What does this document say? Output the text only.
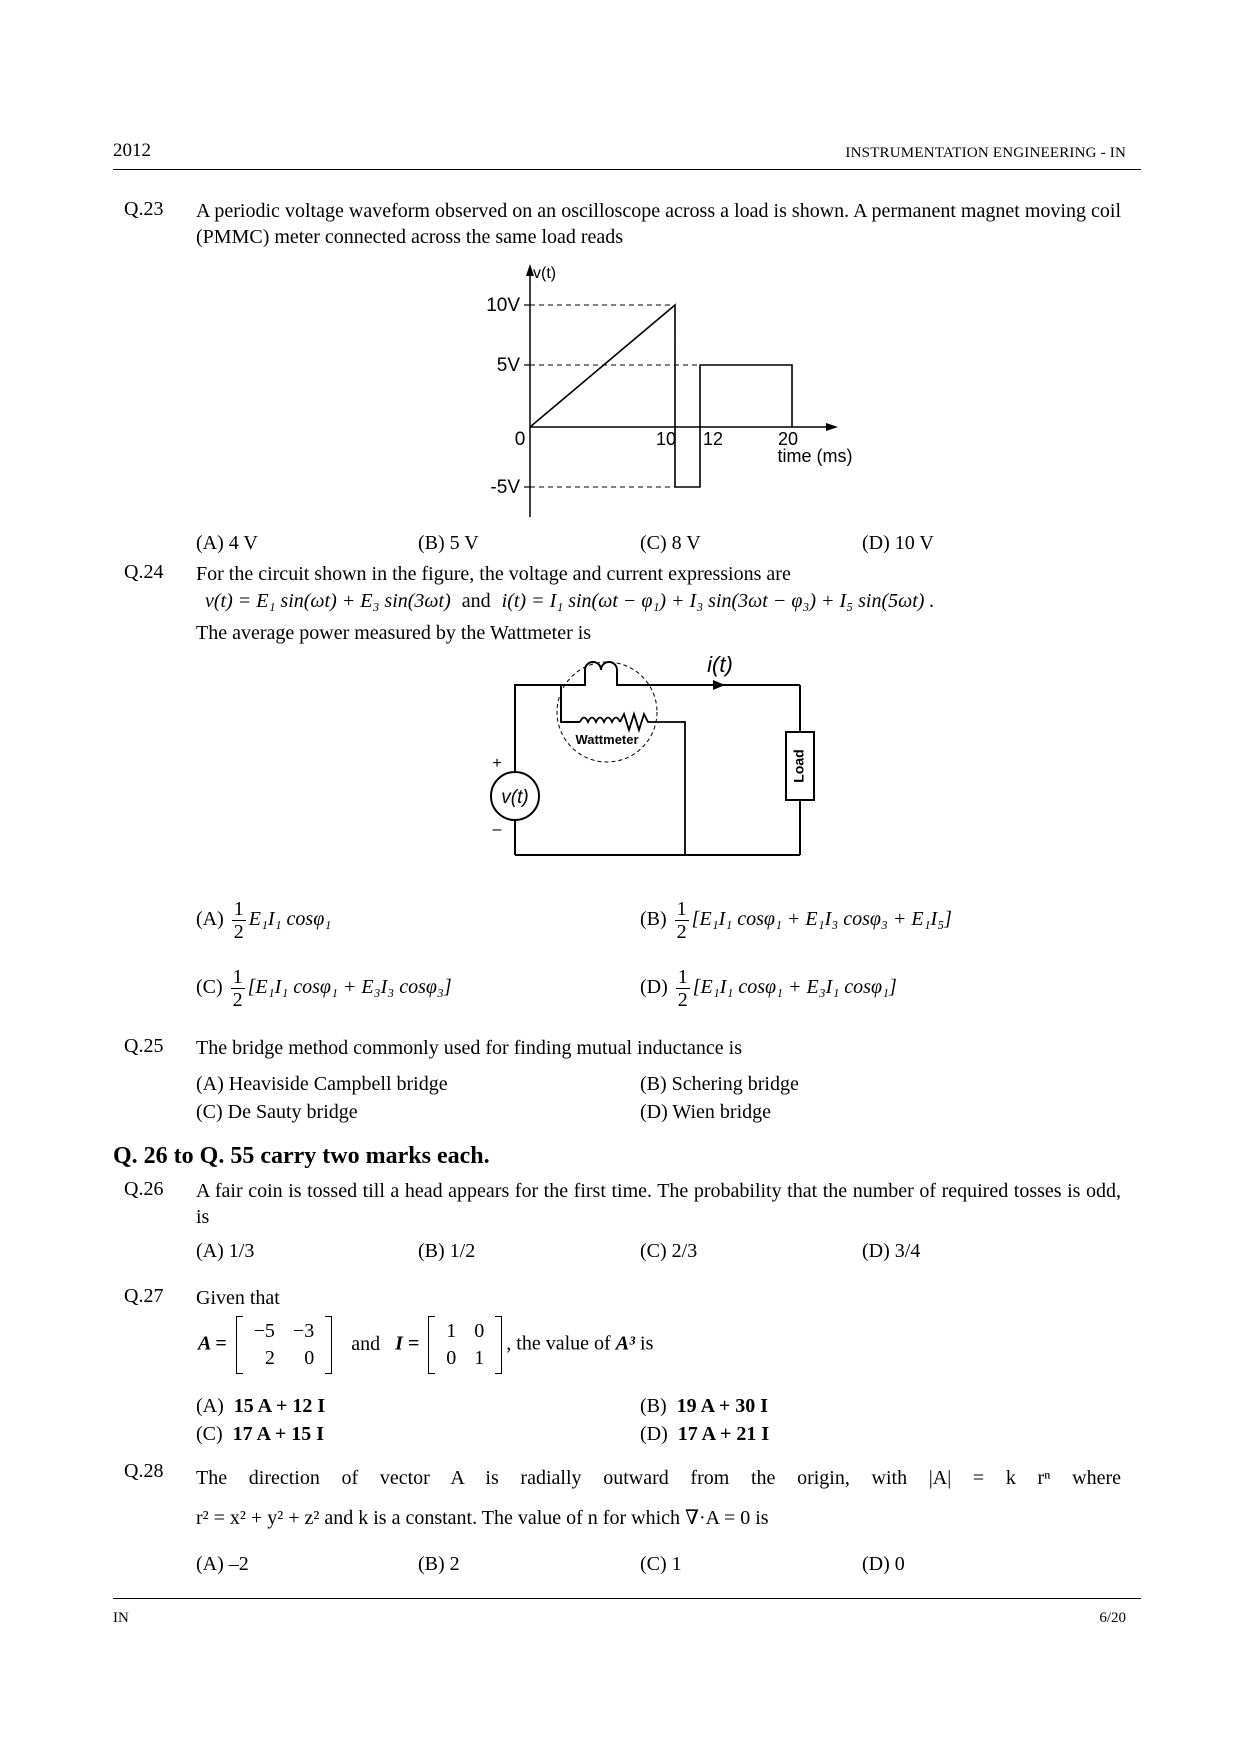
2012	INSTRUMENTATION ENGINEERING - IN
Q.23 A periodic voltage waveform observed on an oscilloscope across a load is shown. A permanent magnet moving coil (PMMC) meter connected across the same load reads
v(t)
10V
5V
0
-5V
10 12	20
time (ms)
(A) 4 V	(B) 5 V	(C) 8 V	(D) 10 V
Q.24 For the circuit shown in the figure, the voltage and current expressions are
v(t) = E₁ sin(ωt) + E₃ sin(3ωt) and i(t) = I₁ sin(ωt − φ₁) + I₃ sin(3ωt − φ₃) + I₅ sin(5ωt) .
The average power measured by the Wattmeter is
i(t)
Wattmeter
v(t)
+
–
Load
$(A) \frac{1}{2} E_1I_1$ cosφ₁	$(B) \frac{1}{2} [E_1I_1$ cosφ₁ + E₁I₃ cosφ₃ + E₁I₅]
$(C) \frac{1}{2} [E_1I_1$ cosφ₁ + E₃I₃ cosφ₃]	$(D) \frac{1}{2} [E_1I_1$ cosφ₁ + E₃I₁ cosφ₁]
Q.25 The bridge method commonly used for finding mutual inductance is
(A) Heaviside Campbell bridge	(B) Schering bridge
(C) De Sauty bridge	(D) Wien bridge
Q. 26 to Q. 55 carry two marks each.
Q.26 A fair coin is tossed till a head appears for the first time. The probability that the number of required tosses is odd, is
(A) 1/3	(B) 1/2	(C) 2/3	(D) 3/4
Q.27 Given that
A =
−5	−3
2	0
and I =
1	0
0	1
, the value of A³ is
(A) 15 A + 12 I	(B) 19 A + 30 I
(C) 17 A + 15 I	(D) 17 A + 21 I
Q.28 The direction of vector A is radially outward from the origin, with |A| = k rⁿ where
r² = x² + y² + z² and k is a constant. The value of n for which ∇·A = 0 is
(A) –2	(B) 2	(C) 1	(D) 0
IN	6/20
